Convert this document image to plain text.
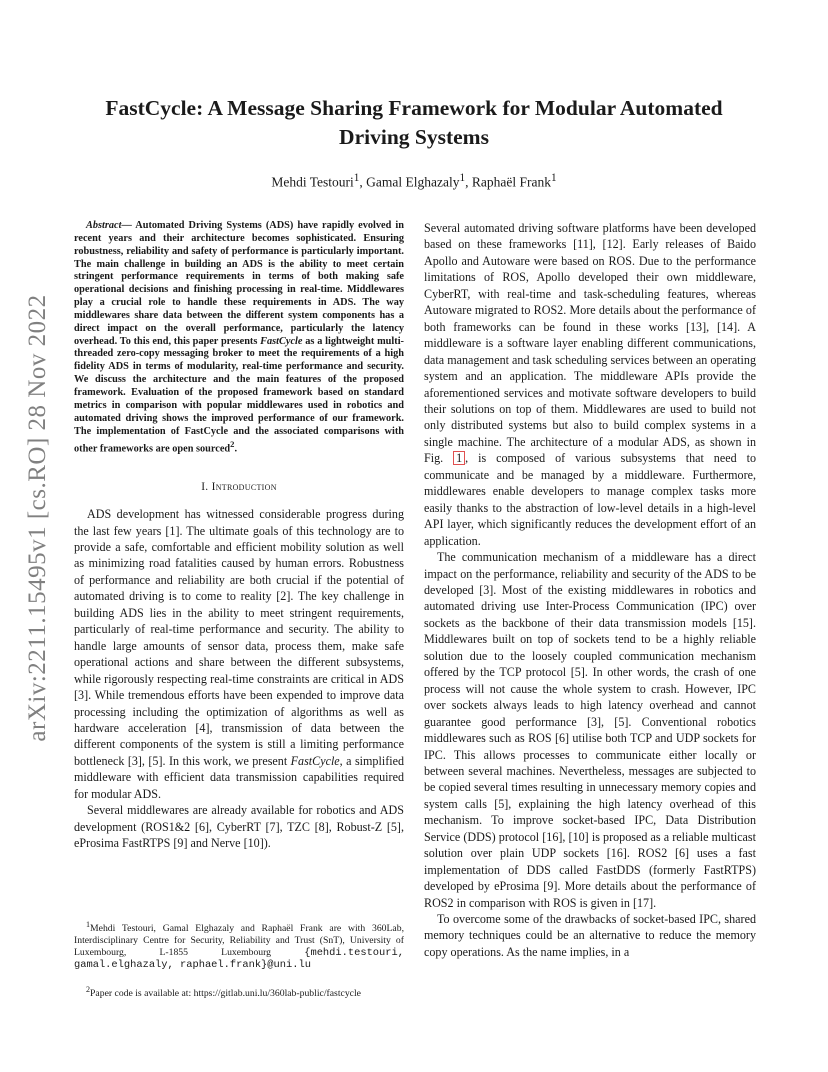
arXiv:2211.15495v1 [cs.RO] 28 Nov 2022
FastCycle: A Message Sharing Framework for Modular Automated Driving Systems
Mehdi Testouri$^1$, Gamal Elghazaly$^1$, Raphaël Frank$^1$

Abstract— Automated Driving Systems (ADS) have rapidly evolved in recent years and their architecture becomes sophisticated. Ensuring robustness, reliability and safety of performance is particularly important. The main challenge in building an ADS is the ability to meet certain stringent performance requirements in terms of both making safe operational decisions and finishing processing in real-time. Middlewares play a crucial role to handle these requirements in ADS. The way middlewares share data between the different system components has a direct impact on the overall performance, particularly the latency overhead. To this end, this paper presents FastCycle as a lightweight multi-threaded zero-copy messaging broker to meet the requirements of a high fidelity ADS in terms of modularity, real-time performance and security. We discuss the architecture and the main features of the proposed framework. Evaluation of the proposed framework based on standard metrics in comparison with popular middlewares used in robotics and automated driving shows the improved performance of our framework. The implementation of FastCycle and the associated comparisons with other frameworks are open sourced$^2$.

I. Introduction

ADS development has witnessed considerable progress during the last few years [1]. The ultimate goals of this technology are to provide a safe, comfortable and efficient mobility solution as well as minimizing road fatalities caused by human errors. Robustness of performance and reliability are both crucial if the potential of automated driving is to come to reality [2]. The key challenge in building ADS lies in the ability to meet stringent requirements, particularly of real-time performance and security. The ability to handle large amounts of sensor data, process them, make safe operational actions and share between the different subsystems, while rigorously respecting real-time constraints are critical in ADS [3]. While tremendous efforts have been expended to improve data processing including the optimization of algorithms as well as hardware acceleration [4], transmission of data between the different components of the system is still a limiting performance bottleneck [3], [5]. In this work, we present FastCycle, a simplified middleware with efficient data transmission capabilities required for modular ADS.

Several middlewares are already available for robotics and ADS development (ROS1&2 [6], CyberRT [7], TZC [8], Robust-Z [5], eProsima FastRTPS [9] and Nerve [10]).

$^1$Mehdi Testouri, Gamal Elghazaly and Raphaël Frank are with 360Lab, Interdisciplinary Centre for Security, Reliability and Trust (SnT), University of Luxembourg, L-1855 Luxembourg {mehdi.testouri, gamal.elghazaly, raphael.frank}@uni.lu

$^2$Paper code is available at: https://gitlab.uni.lu/360lab-public/fastcycle

Several automated driving software platforms have been developed based on these frameworks [11], [12]. Early releases of Baido Apollo and Autoware were based on ROS. Due to the performance limitations of ROS, Apollo developed their own middleware, CyberRT, with real-time and task-scheduling features, whereas Autoware migrated to ROS2. More details about the performance of both frameworks can be found in these works [13], [14]. A middleware is a software layer enabling different communications, data management and task scheduling services between an operating system and an application. The middleware APIs provide the aforementioned services and motivate software developers to build their solutions on top of them. Middlewares are used to build not only distributed systems but also to build complex systems in a single machine. The architecture of a modular ADS, as shown in Fig. 1 , is composed of various subsystems that need to communicate and be managed by a middleware. Furthermore, middlewares enable developers to manage complex tasks more easily thanks to the abstraction of low-level details in a high-level API layer, which significantly reduces the development effort of an application.

The communication mechanism of a middleware has a direct impact on the performance, reliability and security of the ADS to be developed [3]. Most of the existing middlewares in robotics and automated driving use Inter-Process Communication (IPC) over sockets as the backbone of their data transmission models [15]. Middlewares built on top of sockets tend to be a highly reliable solution due to the loosely coupled communication mechanism offered by the TCP protocol [5]. In other words, the crash of one process will not cause the whole system to crash. However, IPC over sockets always leads to high latency overhead and cannot guarantee good performance [3], [5]. Conventional robotics middlewares such as ROS [6] utilise both TCP and UDP sockets for IPC. This allows processes to communicate either locally or between several machines. Nevertheless, messages are subjected to be copied several times resulting in unnecessary memory copies and system calls [5], explaining the high latency overhead of this mechanism. To improve socket-based IPC, Data Distribution Service (DDS) protocol [16], [10] is proposed as a reliable multicast solution over plain UDP sockets [16]. ROS2 [6] uses a fast implementation of DDS called FastDDS (formerly FastRTPS) developed by eProsima [9]. More details about the performance of ROS2 in comparison with ROS is given in [17].

To overcome some of the drawbacks of socket-based IPC, shared memory techniques could be an alternative to reduce the memory copy operations. As the name implies, in a
